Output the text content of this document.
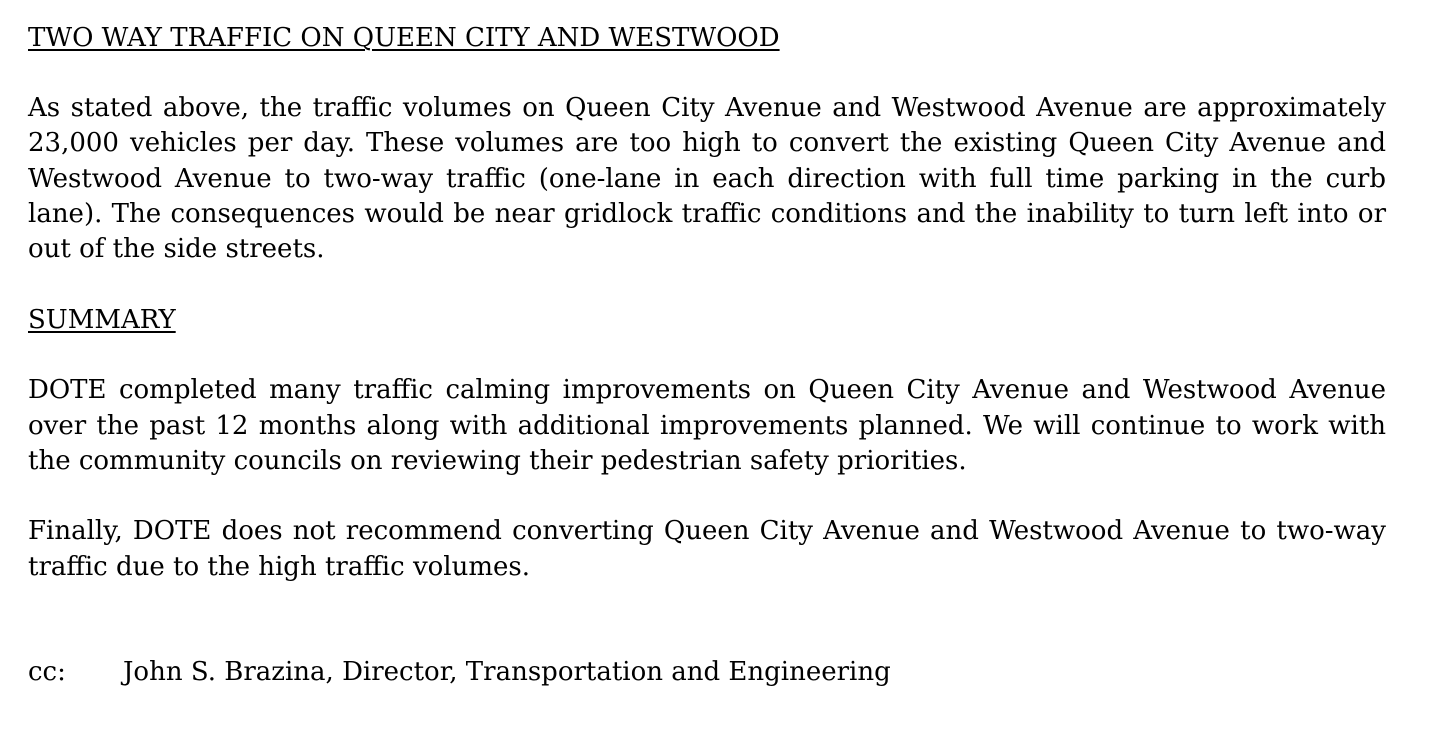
TWO WAY TRAFFIC ON QUEEN CITY AND WESTWOOD

As stated above, the traffic volumes on Queen City Avenue and Westwood Avenue are approximately 23,000 vehicles per day. These volumes are too high to convert the existing Queen City Avenue and Westwood Avenue to two-way traffic (one-lane in each direction with full time parking in the curb lane). The consequences would be near gridlock traffic conditions and the inability to turn left into or out of the side streets.

SUMMARY

DOTE completed many traffic calming improvements on Queen City Avenue and Westwood Avenue over the past 12 months along with additional improvements planned. We will continue to work with the community councils on reviewing their pedestrian safety priorities.

Finally, DOTE does not recommend converting Queen City Avenue and Westwood Avenue to two-way traffic due to the high traffic volumes.

cc:	John S. Brazina, Director, Transportation and Engineering
